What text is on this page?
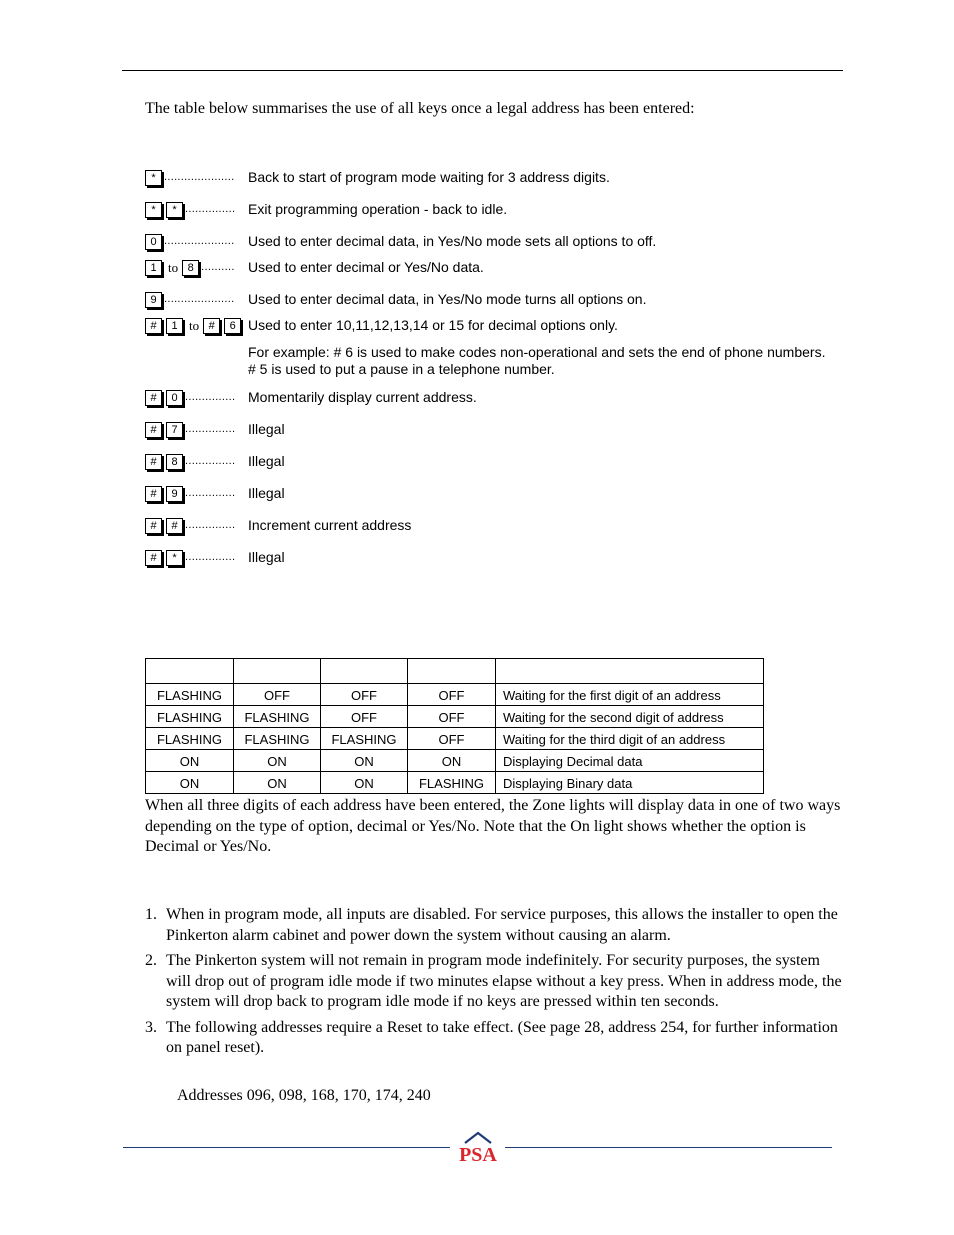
The table below summarises the use of all keys once a legal address has been entered:
* ..................... Back to start of program mode waiting for 3 address digits.
*	* ............... Exit programming operation - back to idle.
0 ..................... Used to enter decimal data, in Yes/No mode sets all options to off.
1 to 8 .......... Used to enter decimal or Yes/No data.
9 ..................... Used to enter decimal data, in Yes/No mode turns all options on.
#	1 to #	6 Used to enter 10,11,12,13,14 or 15 for decimal options only.
#	0 ............... Momentarily display current address.
#	7 ............... Illegal
#	8 ............... Illegal
#	9 ............... Illegal
#	# ............... Increment current address
#	* ............... Illegal
For example: # 6 is used to make codes non-operational and sets the end of phone numbers. # 5 is used to put a pause in a telephone number.

FLASHING	OFF	OFF	OFF	Waiting for the first digit of an address
FLASHING	FLASHING	OFF	OFF	Waiting for the second digit of address
FLASHING	FLASHING	FLASHING	OFF	Waiting for the third digit of an address
ON	ON	ON	ON	Displaying Decimal data
ON	ON	ON	FLASHING	Displaying Binary data
When all three digits of each address have been entered, the Zone lights will display data in one of two ways depending on the type of option, decimal or Yes/No. Note that the On light shows whether the option is Decimal or Yes/No.
1. When in program mode, all inputs are disabled. For service purposes, this allows the installer to open the Pinkerton alarm cabinet and power down the system without causing an alarm.
2. The Pinkerton system will not remain in program mode indefinitely. For security purposes, the system will drop out of program idle mode if two minutes elapse without a key press. When in address mode, the system will drop back to program idle mode if no keys are pressed within ten seconds.
3. The following addresses require a Reset to take effect. (See page 28, address 254, for further information on panel reset).
Addresses 096, 098, 168, 170, 174, 240
PSA
